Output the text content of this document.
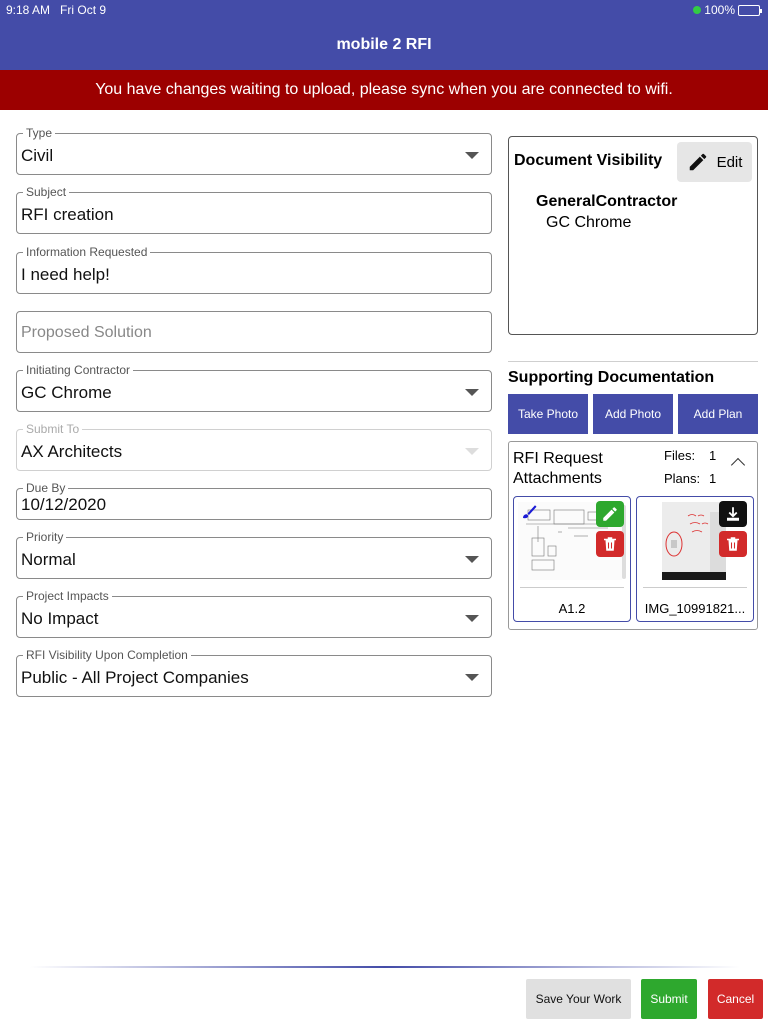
9:18 AM Fri Oct 9	100%
mobile 2 RFI
You have changes waiting to upload, please sync when you are connected to wifi.
Type
Civil
Subject
RFI creation
Information Requested
I need help!
Proposed Solution
Initiating Contractor
GC Chrome
Submit To
AX Architects
Due By
10/12/2020
Priority
Normal
Project Impacts
No Impact
RFI Visibility Upon Completion
Public - All Project Companies
Document Visibility	Edit
GeneralContractor
GC Chrome
Supporting Documentation
Take Photo	Add Photo	Add Plan
RFI Request Attachments
Files: 1
Plans: 1
A1.2	IMG_10991821...
Save Your Work	Submit	Cancel
